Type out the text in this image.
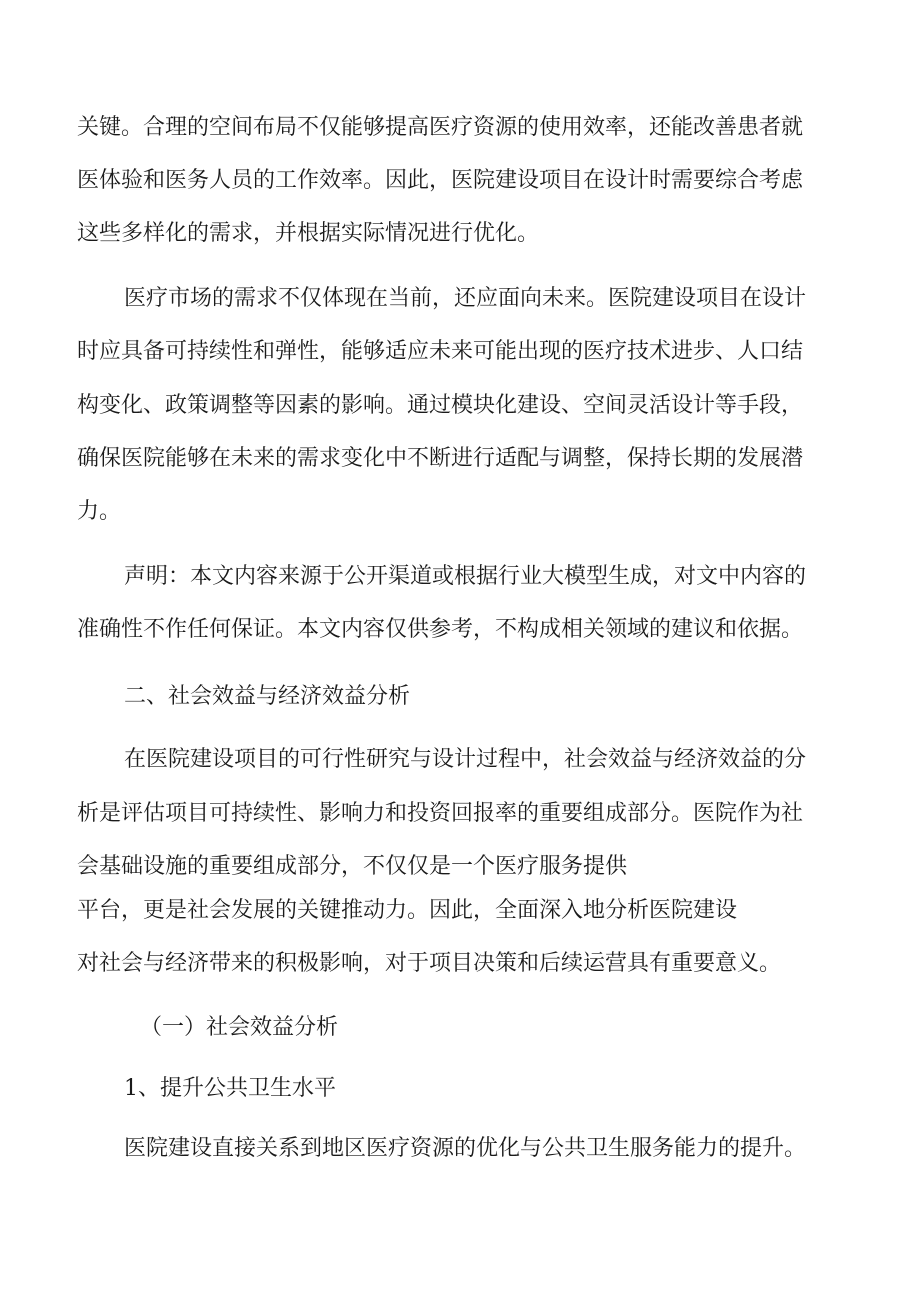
关键。合理的空间布局不仅能够提高医疗资源的使用效率，还能改善患者就
医体验和医务人员的工作效率。因此，医院建设项目在设计时需要综合考虑
这些多样化的需求，并根据实际情况进行优化。
医疗市场的需求不仅体现在当前，还应面向未来。医院建设项目在设计
时应具备可持续性和弹性，能够适应未来可能出现的医疗技术进步、人口结
构变化、政策调整等因素的影响。通过模块化建设、空间灵活设计等手段，
确保医院能够在未来的需求变化中不断进行适配与调整，保持长期的发展潜
力。
声明：本文内容来源于公开渠道或根据行业大模型生成，对文中内容的
准确性不作任何保证。本文内容仅供参考，不构成相关领域的建议和依据。
二、社会效益与经济效益分析
在医院建设项目的可行性研究与设计过程中，社会效益与经济效益的分
析是评估项目可持续性、影响力和投资回报率的重要组成部分。医院作为社
会基础设施的重要组成部分，不仅仅是一个医疗服务提供
平台，更是社会发展的关键推动力。因此，全面深入地分析医院建设
对社会与经济带来的积极影响，对于项目决策和后续运营具有重要意义。
（一）社会效益分析
1、提升公共卫生水平
医院建设直接关系到地区医疗资源的优化与公共卫生服务能力的提升。
